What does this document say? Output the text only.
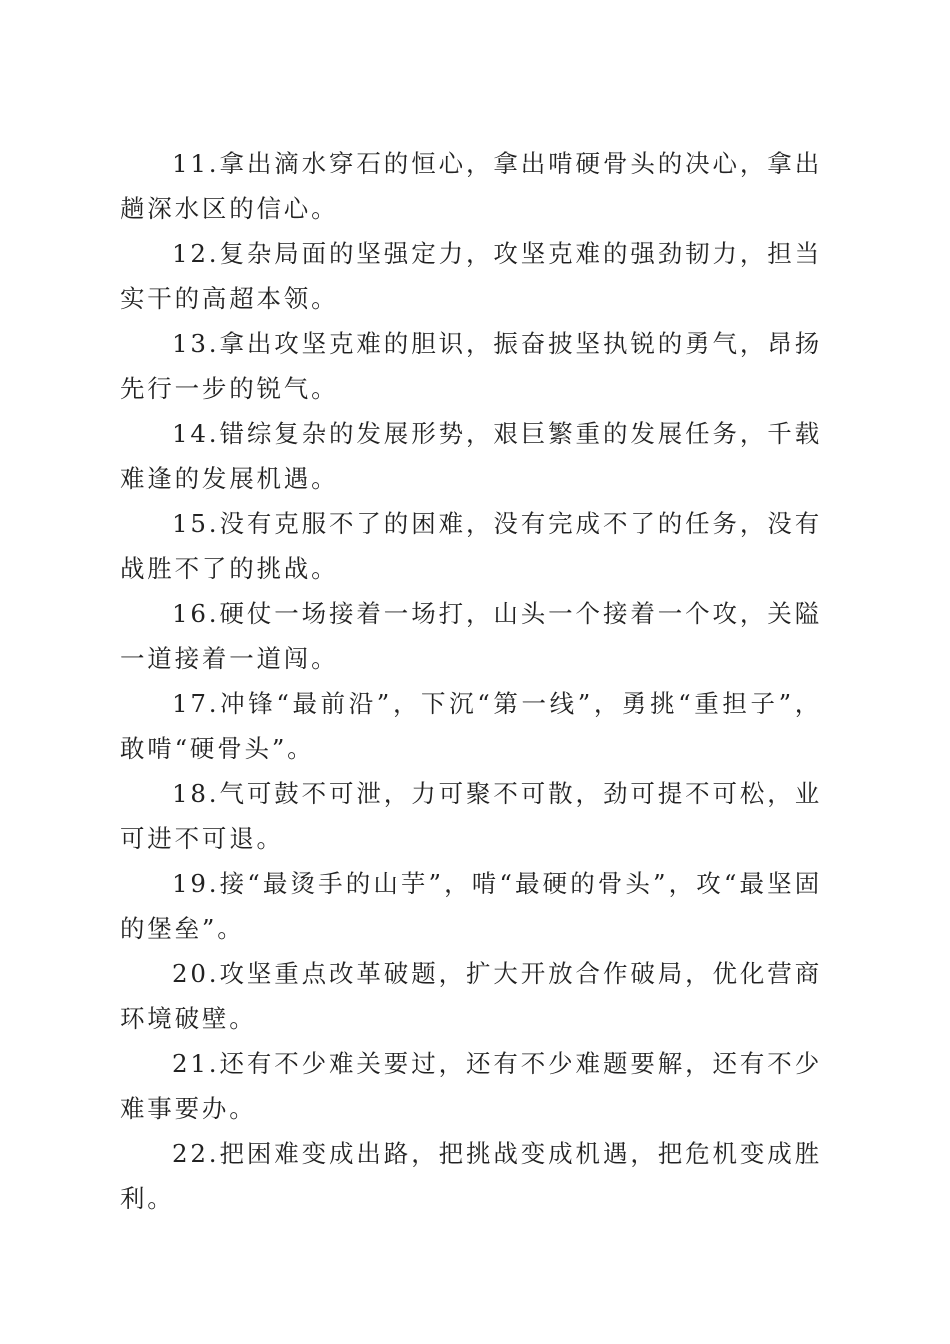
11.拿出滴水穿石的恒心，拿出啃硬骨头的决心，拿出趟深水区的信心。

12.复杂局面的坚强定力，攻坚克难的强劲韧力，担当实干的高超本领。

13.拿出攻坚克难的胆识，振奋披坚执锐的勇气，昂扬先行一步的锐气。

14.错综复杂的发展形势，艰巨繁重的发展任务，千载难逢的发展机遇。

15.没有克服不了的困难，没有完成不了的任务，没有战胜不了的挑战。

16.硬仗一场接着一场打，山头一个接着一个攻，关隘一道接着一道闯。

17.冲锋“最前沿”，下沉“第一线”，勇挑“重担子”，敢啃“硬骨头”。

18.气可鼓不可泄，力可聚不可散，劲可提不可松，业可进不可退。

19.接“最烫手的山芋”，啃“最硬的骨头”，攻“最坚固的堡垒”。

20.攻坚重点改革破题，扩大开放合作破局，优化营商环境破壁。

21.还有不少难关要过，还有不少难题要解，还有不少难事要办。

22.把困难变成出路，把挑战变成机遇，把危机变成胜利。
